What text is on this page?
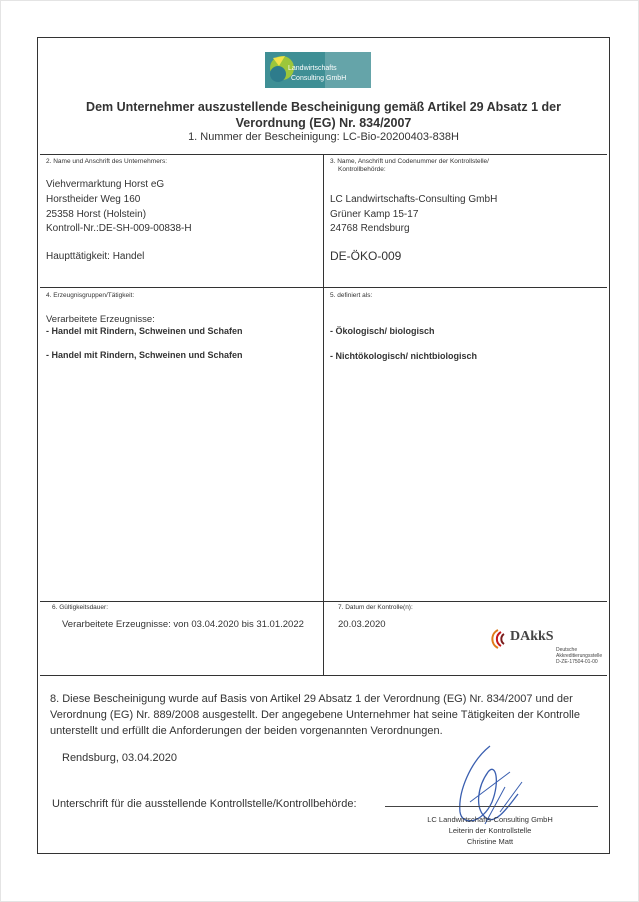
Landwirtschafts
Consulting GmbH
Dem Unternehmer auszustellende Bescheinigung gemäß Artikel 29 Absatz 1 der
Verordnung (EG) Nr. 834/2007
1. Nummer der Bescheinigung: LC-Bio-20200403-838H
2. Name und Anschrift des Unternehmers:
Viehvermarktung Horst eG
Horstheider Weg 160
25358 Horst (Holstein)
Kontroll-Nr.:DE-SH-009-00838-H
Haupttätigkeit: Handel
3. Name, Anschrift und Codenummer der Kontrollstelle/
Kontrollbehörde:
LC Landwirtschafts-Consulting GmbH
Grüner Kamp 15-17
24768 Rendsburg
DE-ÖKO-009
4. Erzeugnisgruppen/Tätigkeit:
Verarbeitete Erzeugnisse:
- Handel mit Rindern, Schweinen und Schafen
- Handel mit Rindern, Schweinen und Schafen
5. definiert als:
- Ökologisch/ biologisch
- Nichtökologisch/ nichtbiologisch
6. Gültigkeitsdauer:
Verarbeitete Erzeugnisse: von 03.04.2020 bis 31.01.2022
7. Datum der Kontrolle(n):
20.03.2020
DAkkS
Deutsche
Akkreditierungsstelle
D-ZE-17504-01-00
8. Diese Bescheinigung wurde auf Basis von Artikel 29 Absatz 1 der Verordnung (EG) Nr. 834/2007 und der Verordnung (EG) Nr. 889/2008 ausgestellt. Der angegebene Unternehmer hat seine Tätigkeiten der Kontrolle unterstellt und erfüllt die Anforderungen der beiden vorgenannten Verordnungen.
Rendsburg, 03.04.2020
Unterschrift für die ausstellende Kontrollstelle/Kontrollbehörde:
LC Landwirtschafts-Consulting GmbH
Leiterin der Kontrollstelle
Christine Matt
